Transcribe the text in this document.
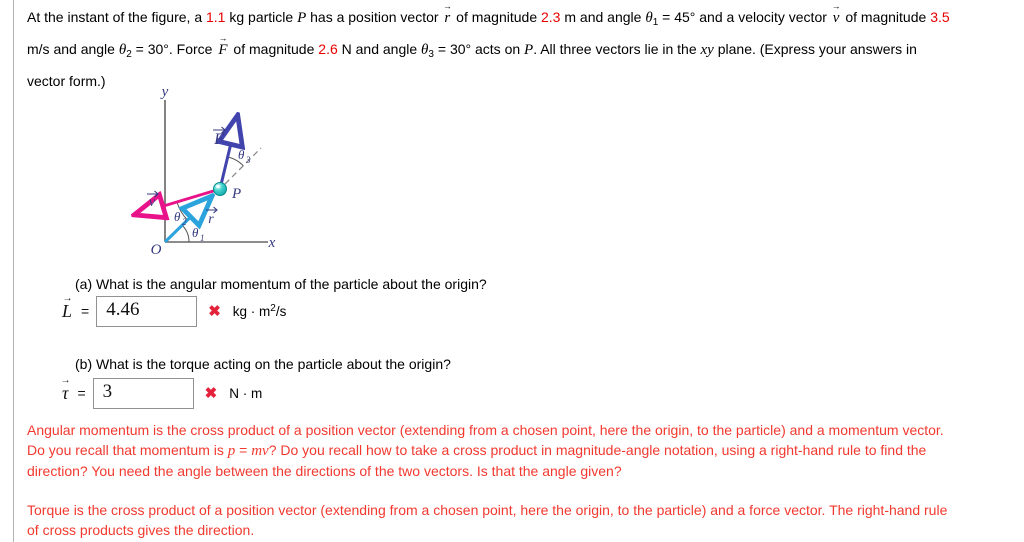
At the instant of the figure, a 1.1 kg particle P has a position vector
→
r of magnitude 2.3 m and angle $\theta_1 = 45^\circ$ and a velocity vector
→
v of magnitude 3.5
m/s and angle $\theta_2 = 30^\circ$. Force
→
F of magnitude 2.6 N and angle $\theta_3 = 30^\circ$ acts on P. All three vectors lie in the xy plane. (Express your answers in
vector form.)
y
x
O
P
r
v
F
θ 1
θ 2
θ 3
(a) What is the angular momentum of the particle about the origin?
→
L =
4.46	✖ kg · $m^2/s$
(b) What is the torque acting on the particle about the origin?
→
τ =
3	✖ N · m
Angular momentum is the cross product of a position vector (extending from a chosen point, here the origin, to the particle) and a momentum vector.
Do you recall that momentum is p = mv? Do you recall how to take a cross product in magnitude-angle notation, using a right-hand rule to find the
direction? You need the angle between the directions of the two vectors. Is that the angle given?
Torque is the cross product of a position vector (extending from a chosen point, here the origin, to the particle) and a force vector. The right-hand rule
of cross products gives the direction.
